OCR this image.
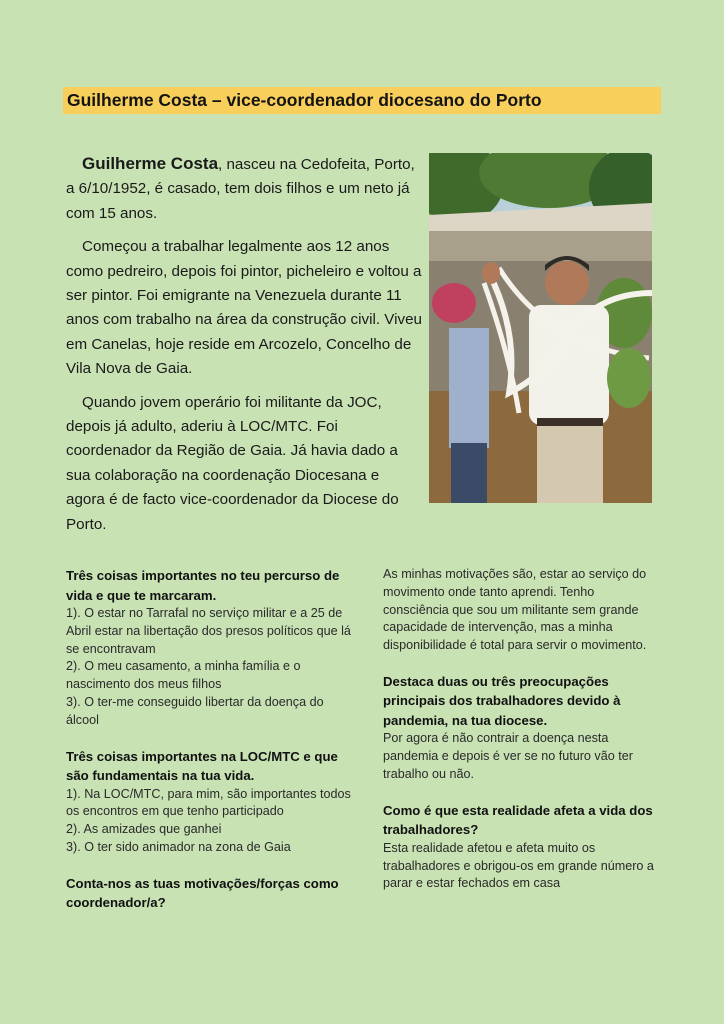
Guilherme Costa – vice-coordenador diocesano do Porto

Guilherme Costa, nasceu na Cedofeita, Porto, a 6/10/1952, é casado, tem dois filhos e um neto já com 15 anos.

Começou a trabalhar legalmente aos 12 anos como pedreiro, depois foi pintor, picheleiro e voltou a ser pintor. Foi emigrante na Venezuela durante 11 anos com trabalho na área da construção civil. Viveu em Canelas, hoje reside em Arcozelo, Concelho de Vila Nova de Gaia.

Quando jovem operário foi militante da JOC, depois já adulto, aderiu à LOC/MTC. Foi coordenador da Região de Gaia. Já havia dado a sua colaboração na coordenação Diocesana e agora é de facto vice-coordenador da Diocese do Porto.

Três coisas importantes no teu percurso de vida e que te marcaram.

1). O estar no Tarrafal no serviço militar e a 25 de Abril estar na libertação dos presos políticos que lá se encontravam

2). O meu casamento, a minha família e o nascimento dos meus filhos

3). O ter-me conseguido libertar da doença do álcool

Três coisas importantes na LOC/MTC e que são fundamentais na tua vida.

1). Na LOC/MTC, para mim, são importantes todos os encontros em que tenho participado

2). As amizades que ganhei

3). O ter sido animador na zona de Gaia

Conta-nos as tuas motivações/forças como coordenador/a?

As minhas motivações são, estar ao serviço do movimento onde tanto aprendi. Tenho consciência que sou um militante sem grande capacidade de intervenção, mas a minha disponibilidade é total para servir o movimento.

Destaca duas ou três preocupações principais dos trabalhadores devido à pandemia, na tua diocese.

Por agora é não contrair a doença nesta pandemia e depois é ver se no futuro vão ter trabalho ou não.

Como é que esta realidade afeta a vida dos trabalhadores?

Esta realidade afetou e afeta muito os trabalhadores e obrigou-os em grande número a parar e estar fechados em casa
